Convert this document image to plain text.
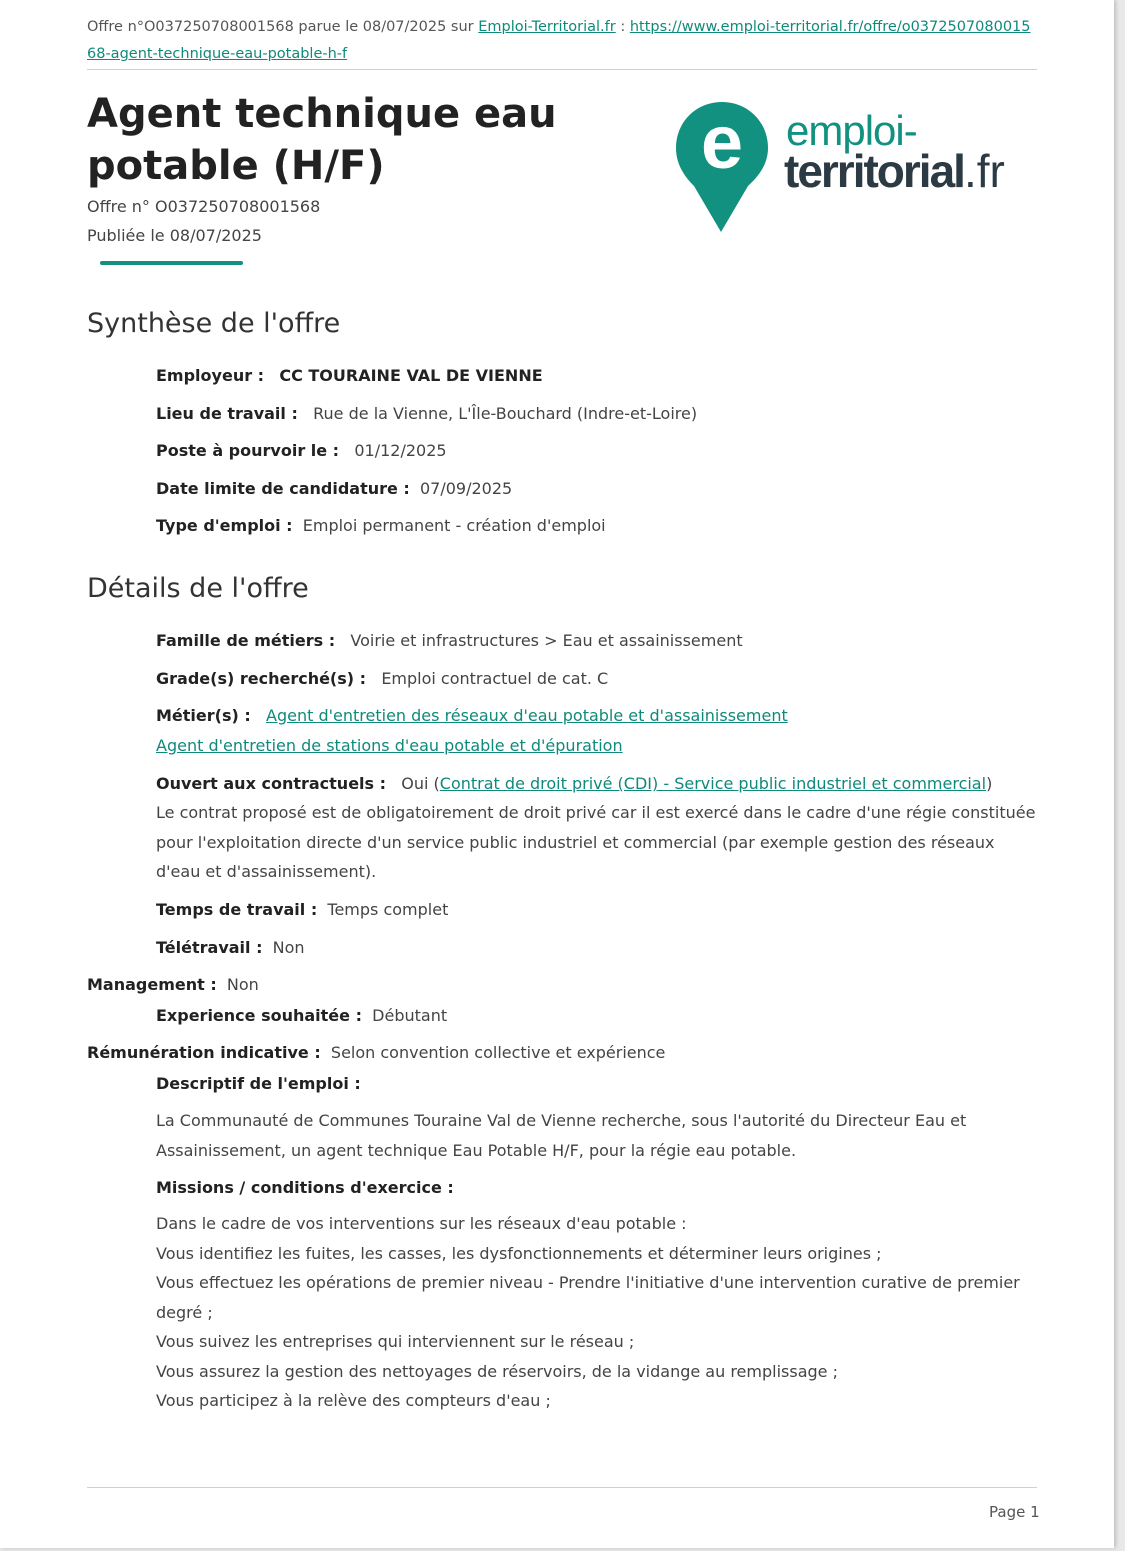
Offre n°O037250708001568 parue le 08/07/2025 sur Emploi-Territorial.fr : https://www.emploi-territorial.fr/offre/o037250708001568-agent-technique-eau-potable-h-f
Agent technique eau potable (H/F)
Offre n° O037250708001568
Publiée le 08/07/2025
e emploi-
territorial.fr
Synthèse de l'offre
Employeur : CC TOURAINE VAL DE VIENNE
Lieu de travail : Rue de la Vienne, L'Île-Bouchard (Indre-et-Loire)
Poste à pourvoir le : 01/12/2025
Date limite de candidature : 07/09/2025
Type d'emploi : Emploi permanent - création d'emploi
Détails de l'offre
Famille de métiers : Voirie et infrastructures > Eau et assainissement
Grade(s) recherché(s) : Emploi contractuel de cat. C
Métier(s) : Agent d'entretien des réseaux d'eau potable et d'assainissement
Agent d'entretien de stations d'eau potable et d'épuration
Ouvert aux contractuels : Oui (Contrat de droit privé (CDI) - Service public industriel et commercial)
Le contrat proposé est de obligatoirement de droit privé car il est exercé dans le cadre d'une régie constituée pour l'exploitation directe d'un service public industriel et commercial (par exemple gestion des réseaux d'eau et d'assainissement).
Temps de travail : Temps complet
Télétravail : Non
Management : Non
Experience souhaitée : Débutant
Rémunération indicative : Selon convention collective et expérience
Descriptif de l'emploi :
La Communauté de Communes Touraine Val de Vienne recherche, sous l'autorité du Directeur Eau et Assainissement, un agent technique Eau Potable H/F, pour la régie eau potable.
Missions / conditions d'exercice :
Dans le cadre de vos interventions sur les réseaux d'eau potable :
Vous identifiez les fuites, les casses, les dysfonctionnements et déterminer leurs origines ;
Vous effectuez les opérations de premier niveau - Prendre l'initiative d'une intervention curative de premier degré ;
Vous suivez les entreprises qui interviennent sur le réseau ;
Vous assurez la gestion des nettoyages de réservoirs, de la vidange au remplissage ;
Vous participez à la relève des compteurs d'eau ;
Page 1
